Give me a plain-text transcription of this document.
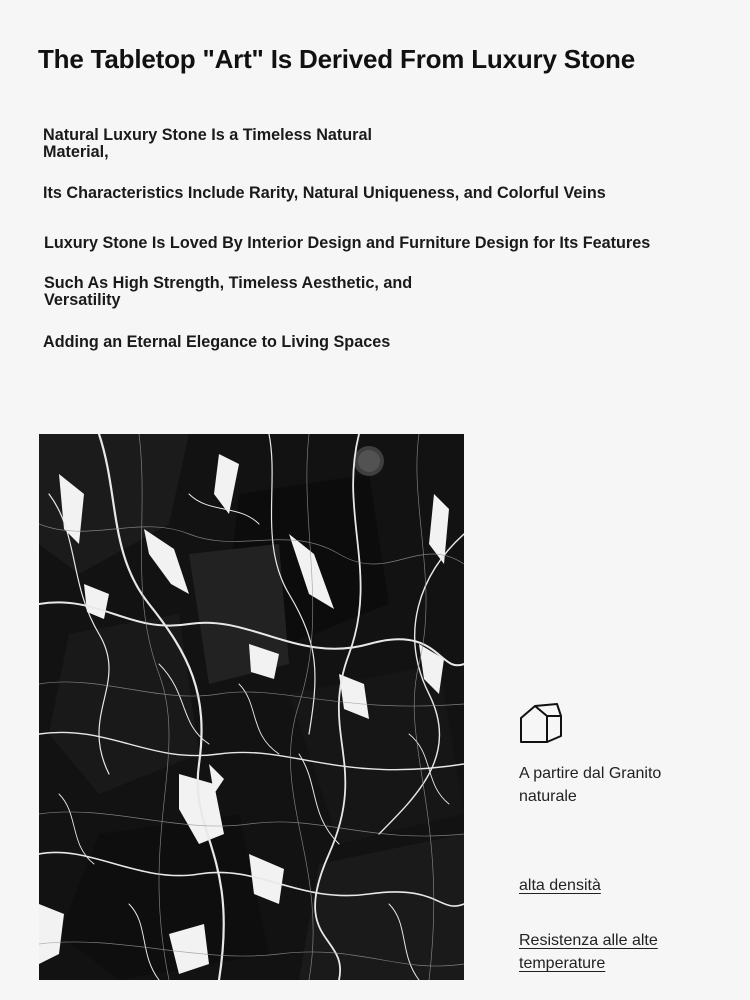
The Tabletop "Art" Is Derived From Luxury Stone

Natural Luxury Stone Is a Timeless Natural Material,

Its Characteristics Include Rarity, Natural Uniqueness, and Colorful Veins

Luxury Stone Is Loved By Interior Design and Furniture Design for Its Features

Such As High Strength, Timeless Aesthetic, and Versatility

Adding an Eternal Elegance to Living Spaces

A partire dal Granito naturale

alta densità

Resistenza alle alte temperature
